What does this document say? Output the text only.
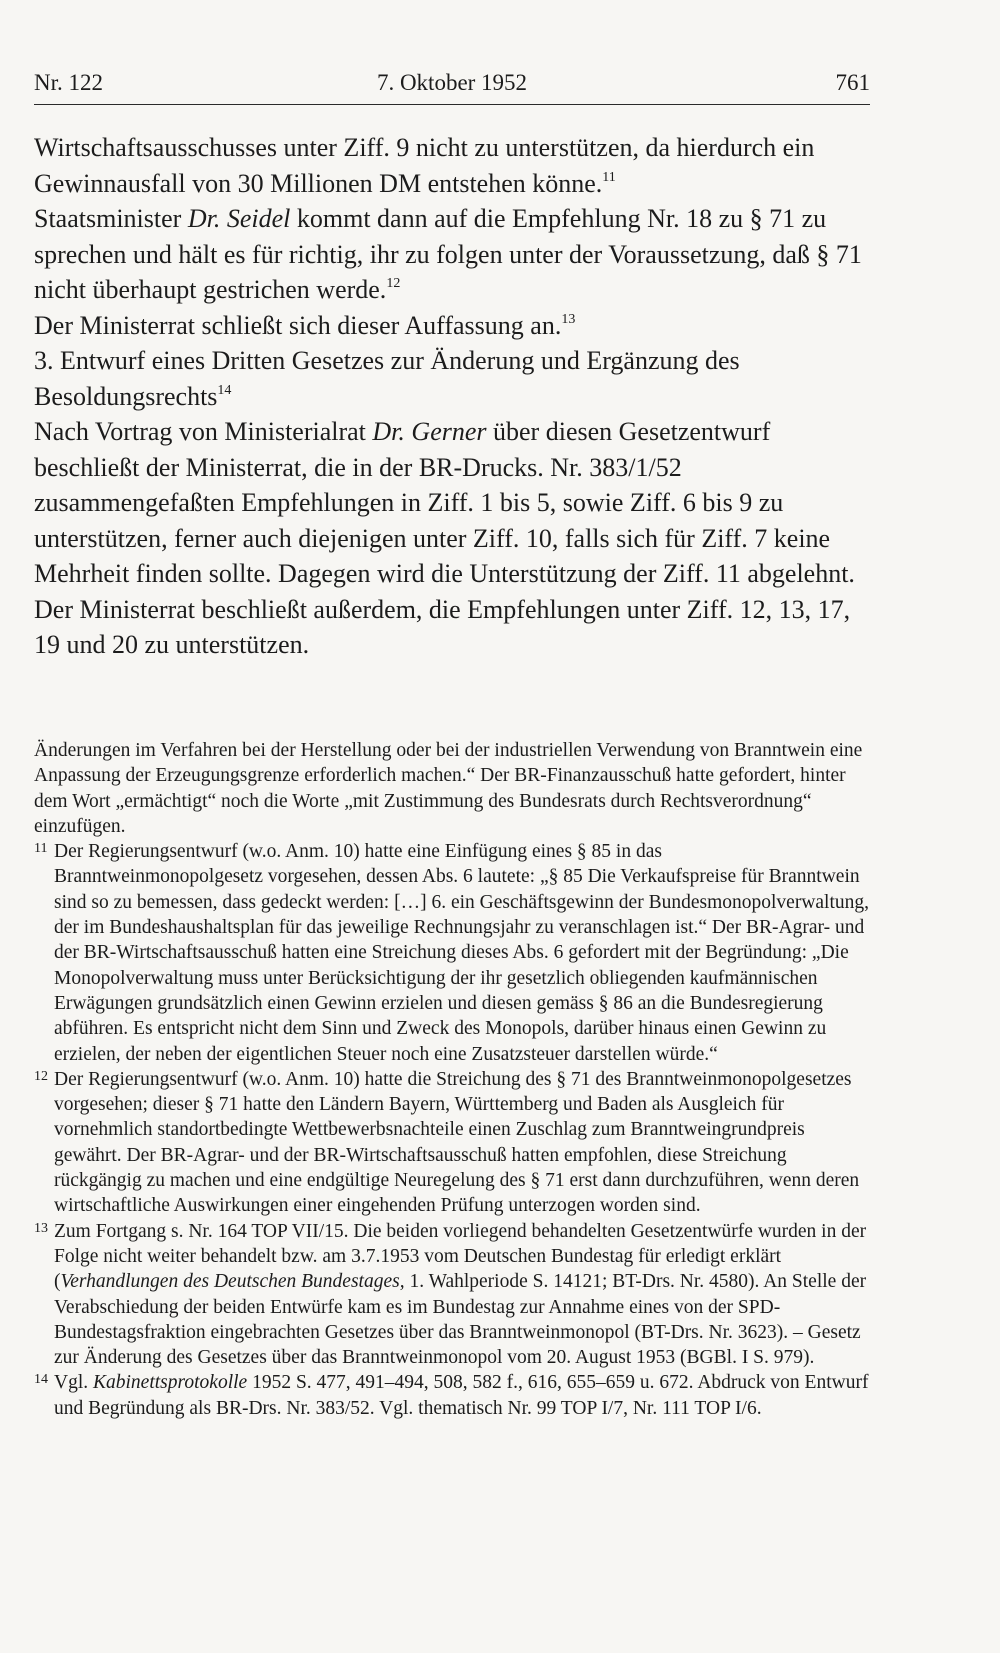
Nr. 122	7. Oktober 1952	761

Wirtschaftsausschusses unter Ziff. 9 nicht zu unterstützen, da hierdurch ein Gewinnausfall von 30 Millionen DM entstehen könne.$^{11}$

Staatsminister Dr. Seidel kommt dann auf die Empfehlung Nr. 18 zu § 71 zu sprechen und hält es für richtig, ihr zu folgen unter der Voraussetzung, daß § 71 nicht überhaupt gestrichen werde.$^{12}$

Der Ministerrat schließt sich dieser Auffassung an.$^{13}$

3. Entwurf eines Dritten Gesetzes zur Änderung und Ergänzung des Besoldungsrechts$^{14}$

Nach Vortrag von Ministerialrat Dr. Gerner über diesen Gesetzentwurf beschließt der Ministerrat, die in der BR-Drucks. Nr. 383/1/52 zusammengefaßten Empfehlungen in Ziff. 1 bis 5, sowie Ziff. 6 bis 9 zu unterstützen, ferner auch diejenigen unter Ziff. 10, falls sich für Ziff. 7 keine Mehrheit finden sollte. Dagegen wird die Unterstützung der Ziff. 11 abgelehnt.

Der Ministerrat beschließt außerdem, die Empfehlungen unter Ziff. 12, 13, 17, 19 und 20 zu unterstützen.

Änderungen im Verfahren bei der Herstellung oder bei der industriellen Verwendung von Branntwein eine Anpassung der Erzeugungsgrenze erforderlich machen.“ Der BR-Finanzausschuß hatte gefordert, hinter dem Wort „ermächtigt“ noch die Worte „mit Zustimmung des Bundesrats durch Rechtsverordnung“ einzufügen.

11 Der Regierungsentwurf (w.o. Anm. 10) hatte eine Einfügung eines § 85 in das Branntweinmonopolgesetz vorgesehen, dessen Abs. 6 lautete: „§ 85 Die Verkaufspreise für Branntwein sind so zu bemessen, dass gedeckt werden: […] 6. ein Geschäftsgewinn der Bundesmonopolverwaltung, der im Bundeshaushaltsplan für das jeweilige Rechnungsjahr zu veranschlagen ist.“ Der BR-Agrar- und der BR-Wirtschaftsausschuß hatten eine Streichung dieses Abs. 6 gefordert mit der Begründung: „Die Monopolverwaltung muss unter Berücksichtigung der ihr gesetzlich obliegenden kaufmännischen Erwägungen grundsätzlich einen Gewinn erzielen und diesen gemäss § 86 an die Bundesregierung abführen. Es entspricht nicht dem Sinn und Zweck des Monopols, darüber hinaus einen Gewinn zu erzielen, der neben der eigentlichen Steuer noch eine Zusatzsteuer darstellen würde.“

12 Der Regierungsentwurf (w.o. Anm. 10) hatte die Streichung des § 71 des Branntweinmonopolgesetzes vorgesehen; dieser § 71 hatte den Ländern Bayern, Württemberg und Baden als Ausgleich für vornehmlich standortbedingte Wettbewerbsnachteile einen Zuschlag zum Branntweingrundpreis gewährt. Der BR-Agrar- und der BR-Wirtschaftsausschuß hatten empfohlen, diese Streichung rückgängig zu machen und eine endgültige Neuregelung des § 71 erst dann durchzuführen, wenn deren wirtschaftliche Auswirkungen einer eingehenden Prüfung unterzogen worden sind.

13 Zum Fortgang s. Nr. 164 TOP VII/15. Die beiden vorliegend behandelten Gesetzentwürfe wurden in der Folge nicht weiter behandelt bzw. am 3.7.1953 vom Deutschen Bundestag für erledigt erklärt (Verhandlungen des Deutschen Bundestages, 1. Wahlperiode S. 14121; BT-Drs. Nr. 4580). An Stelle der Verabschiedung der beiden Entwürfe kam es im Bundestag zur Annahme eines von der SPD-Bundestagsfraktion eingebrachten Gesetzes über das Branntweinmonopol (BT-Drs. Nr. 3623). – Gesetz zur Änderung des Gesetzes über das Branntweinmonopol vom 20. August 1953 (BGBl. I S. 979).

14 Vgl. Kabinettsprotokolle 1952 S. 477, 491–494, 508, 582 f., 616, 655–659 u. 672. Abdruck von Entwurf und Begründung als BR-Drs. Nr. 383/52. Vgl. thematisch Nr. 99 TOP I/7, Nr. 111 TOP I/6.
